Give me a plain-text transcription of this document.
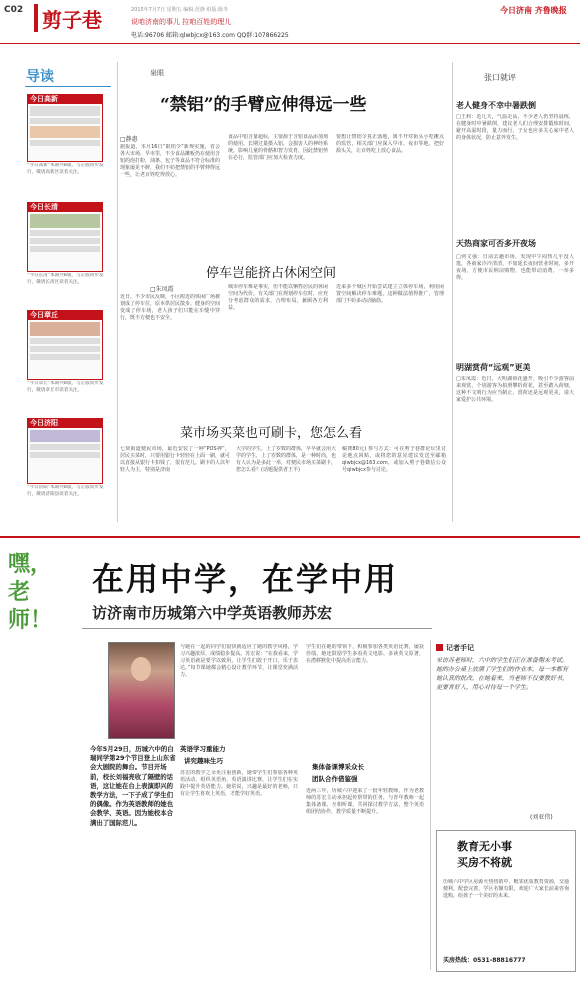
C02 剪子巷	2015年7月7日 星期五 编辑:范静 组版:陈冬
说咱济南的事儿 拉咱百姓的理儿
电话:96706 邮箱:qlwbjcx@163.com QQ群:107866225
今日济南 齐鲁晚报
导读
今日高新
“今日高新”本期共8版，与正版同步发行，敬请高新区读者关注。
今日长清
“今日长清”本期共8版，与正版同步发行，敬请长清区读者关注。
今日章丘
“今日章丘”本期共8版，与正版同步发行，敬请章丘市读者关注。
今日济阳
“今日济阳”本期共8版，与正版同步发行，敬请济阳县读者关注。
泉眼
“禁铝”的手臂应伸得远一些
□静惠
据报道，本月16日“限铝令”新规实施，省会各大市场、早市里，不少食品摊贩仍在使用含铝的泡打粉，油条、包子等食品不符合标准的现象屡见不鲜，我们不妨把禁铝的手臂伸得远一些，让老百姓吃得放心。
食品中铝含量超标，主要源于含铝食品添加剂的使用。长期过量摄入铝，会损害人的神经系统，影响儿童的骨骼和智力发育，因此禁铝势在必行，监管部门应加大检查力度。
要想让禁铝令真正落地，离不开对街头小吃摊点的监管，相关部门应深入早市、夜市等地，把好源头关，让百姓吃上放心食品。
停车岂能挤占休闲空间
□朱凤霞
近日，不少市民反映，小区附近的休闲广场被划成了停车位，原本供居民散步、健身的空间变成了停车场，老人孩子们只能在车缝中穿行，既不方便也不安全。
城市停车难是事实，但不能以牺牲居民的休闲空间为代价。有关部门在规划停车位时，应充分考虑群众的需求，合理布局，兼顾各方利益。
近来多个城区开始尝试建立立体停车场，利用闲置空间解决停车难题，这种做法值得推广，管理部门不妨多动动脑筋。
菜市场买菜也可刷卡，您怎么看
七贤街道便民市场，最近安装了一种“POS神”，居民买菜时，只要用银行卡轻轻在上面一刷，就可以直接从银行卡扣钱了，很有范儿。刷卡的人以年轻人为主，特别是济南
大学的学生，上了岁数的群体，早早就会用大学的学生，上了岁数的群体，是一种时尚，也有人认为是多此一举，对便民市场买菜刷卡，您怎么看？(话题提供者王平)
稿费80元) 参与方式：可在剪子巷群论坛里讨论地点回贴，或将您的意见建议发送至邮箱qlwbjcx@163.com，或加入剪子巷微信公众号qlwbjcx参与讨论。
张口就评
老人健身不幸中暑跌倒
□王莉：近几天，气温走高，不少老人仍坚持晨练，在健身时中暑跌倒，建议老人们合理安排锻炼时间，避开高温时段，量力而行，子女也应多关心家中老人的身体状况，防止意外发生。
天热商家可否多开夜场
□何文强：日前去趟市场，发现中午闷热几乎没人逛，各商家冷冷清清，不如延长夜间营业时间，多开夜场，方便市民纳凉购物，也能带动消费，一举多得。
明湖赏荷“远观”更美
□朱凤霞：近日，大明湖荷花盛开，吸引不少游客前来观赏，个别游客为拍照攀折荷花，甚至踏入荷塘，这种不文明行为应当制止，赏荷还是远观更美，请大家爱护公共环境。
嘿，老师！
在用中学，在学中用
访济南市历城第六中学英语教师苏宏
今年5月29日，历城六中的白瑞同学第29个节目登上山东省会大剧院的舞台。节目开场前，校长刘福亮收了隔壁的话语，这让她在台上表演即兴的教学方法，一下子成了学生们的偶像。作为英语教师的她也会教学、英语。因为她校本合满出了国际范儿。
与她在一起的同学们很快就适应了她的教学风格，学习兴趣浓厚，成绩稳步提高。苏宏说：“在我看来，学习英语就是要学以致用，让学生们敢于开口，乐于表达。”每节课她都会精心设计教学环节，让课堂充满活力。
英语学习重能力
讲究趣味生巧
苏宏的教学之余更注重创新，她带学生们参加各种英语活动，组织英语角、英语演讲比赛，让学生们在实践中提升英语能力。她常说，兴趣是最好的老师，只有让学生喜欢上英语，才能学好英语。
学生们在她的带领下，积极参加各类英语比赛，屡获佳绩。她还鼓励学生多看英文电影、多读英文原著，在潜移默化中提高语言能力。
集体备课博采众长
团队合作借鉴强
近两三年，历城六中迎来了一批年轻教师，作为老教师的苏宏主动承担起传帮带的任务，与青年教师一起集体备课、互相听课，共同探讨教学方法，整个英语组团结协作，教学质量不断提升。
记者手记
采访苏老师时，六中的学生们正在准备期末考试。她的办公桌上放满了学生们的作业本，每一本都有她认真的批改。在她看来，当老师不仅要教好书，更要育好人，用心对待每一个学生。
(刘亚伟)
教育无小事
买房不将就
历城六中学区房源火热热销中，毗邻优质教育资源，交通便利，配套完善，学区名额有限，欢迎广大家长前来咨询选购，给孩子一个美好的未来。
买房热线：0531-88816777
